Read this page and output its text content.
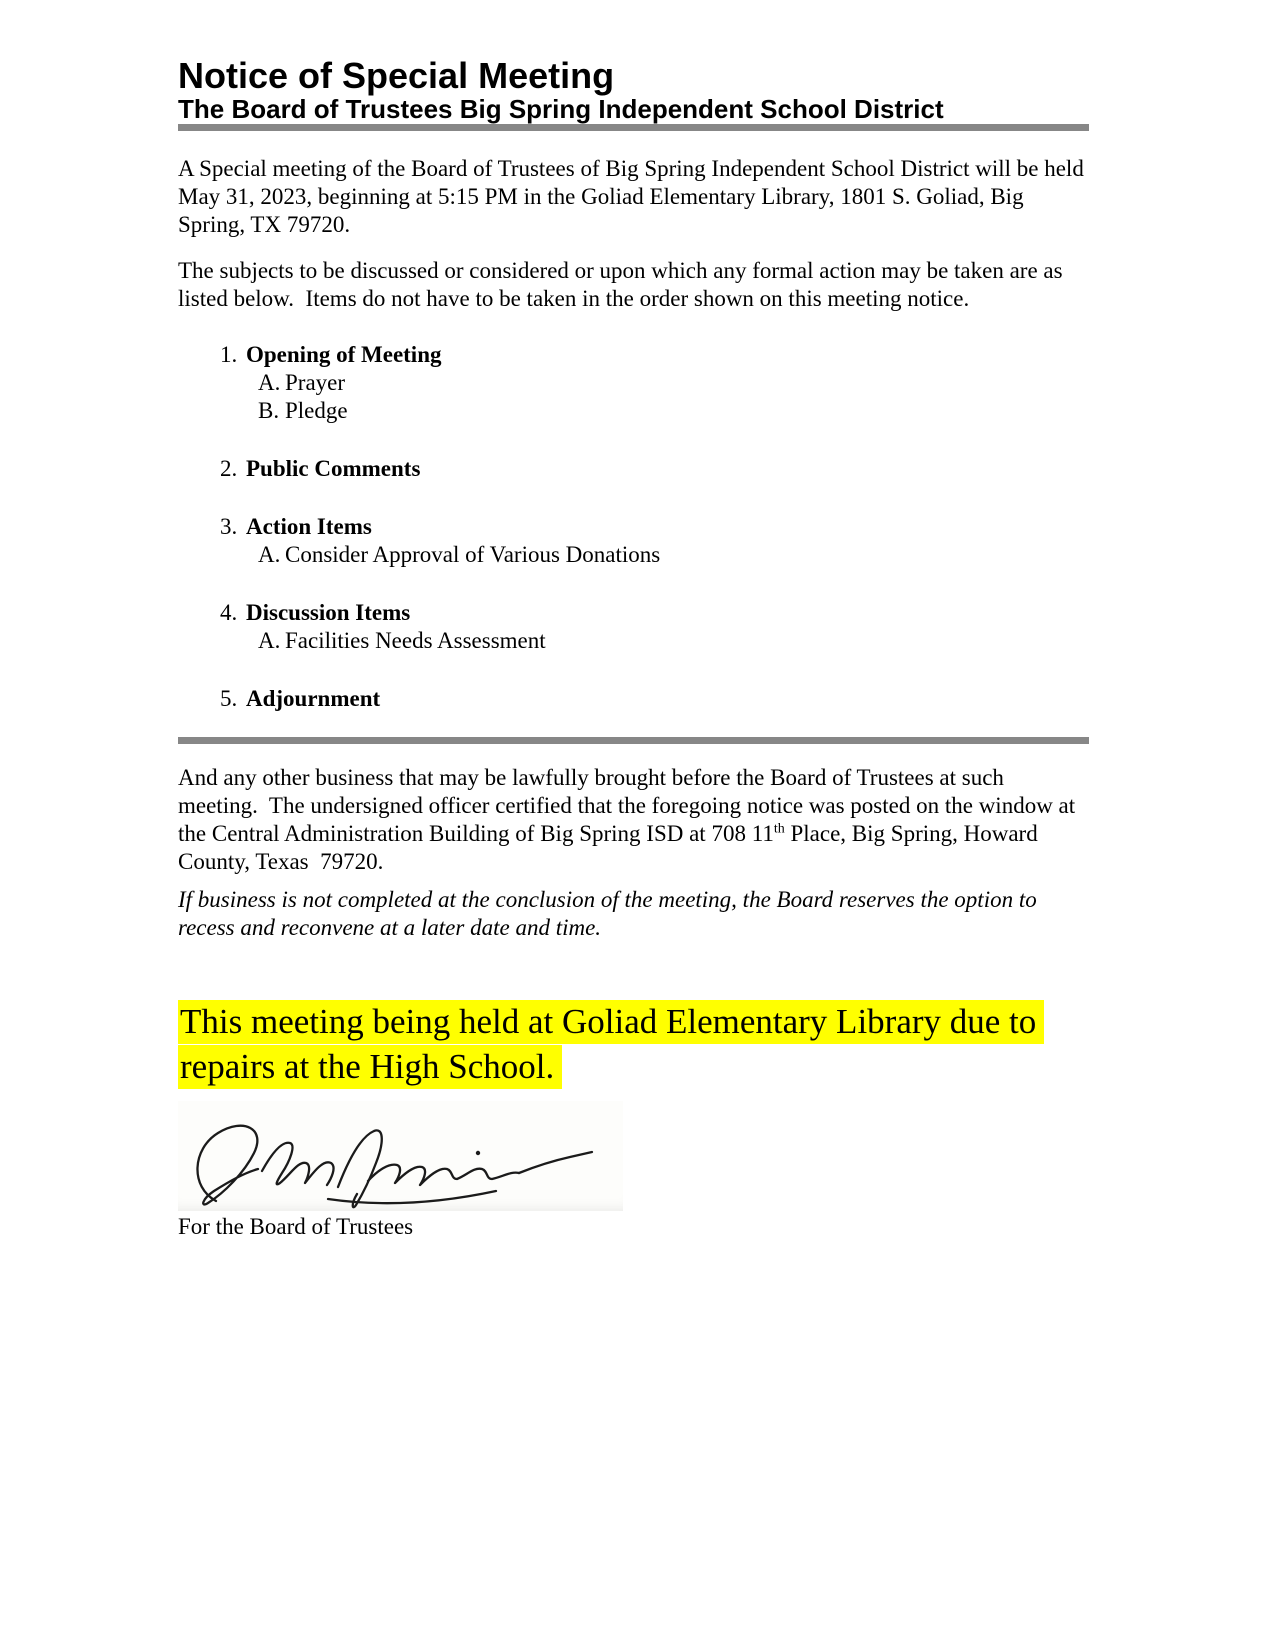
Notice of Special Meeting
The Board of Trustees Big Spring Independent School District

A Special meeting of the Board of Trustees of Big Spring Independent School District will be held May 31, 2023, beginning at 5:15 PM in the Goliad Elementary Library, 1801 S. Goliad, Big Spring, TX 79720.

The subjects to be discussed or considered or upon which any formal action may be taken are as listed below.  Items do not have to be taken in the order shown on this meeting notice.

1. Opening of Meeting
A. Prayer
B. Pledge
2. Public Comments
3. Action Items
A. Consider Approval of Various Donations
4. Discussion Items
A. Facilities Needs Assessment
5. Adjournment

And any other business that may be lawfully brought before the Board of Trustees at such meeting.  The undersigned officer certified that the foregoing notice was posted on the window at the Central Administration Building of Big Spring ISD at 708 11th Place, Big Spring, Howard County, Texas  79720.

If business is not completed at the conclusion of the meeting, the Board reserves the option to recess and reconvene at a later date and time.

This meeting being held at Goliad Elementary Library due to
repairs at the High School.

For the Board of Trustees
